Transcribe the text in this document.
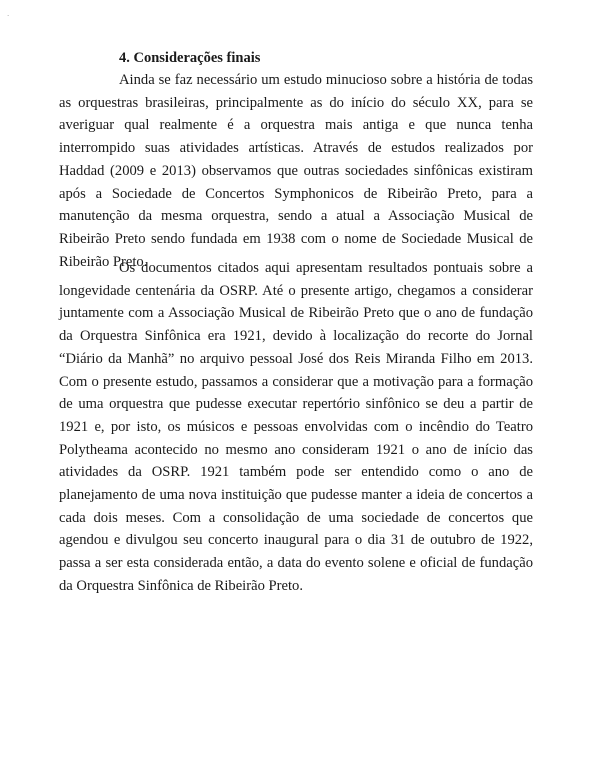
`
4. Considerações finais

Ainda se faz necessário um estudo minucioso sobre a história de todas as orquestras brasileiras, principalmente as do início do século XX, para se averiguar qual realmente é a orquestra mais antiga e que nunca tenha interrompido suas atividades artísticas. Através de estudos realizados por Haddad (2009 e 2013) observamos que outras sociedades sinfônicas existiram após a Sociedade de Concertos Symphonicos de Ribeirão Preto, para a manutenção da mesma orquestra, sendo a atual a Associação Musical de Ribeirão Preto sendo fundada em 1938 com o nome de Sociedade Musical de Ribeirão Preto.

Os documentos citados aqui apresentam resultados pontuais sobre a longevidade centenária da OSRP. Até o presente artigo, chegamos a considerar juntamente com a Associação Musical de Ribeirão Preto que o ano de fundação da Orquestra Sinfônica era 1921, devido à localização do recorte do Jornal “Diário da Manhã” no arquivo pessoal José dos Reis Miranda Filho em 2013. Com o presente estudo, passamos a considerar que a motivação para a formação de uma orquestra que pudesse executar repertório sinfônico se deu a partir de 1921 e, por isto, os músicos e pessoas envolvidas com o incêndio do Teatro Polytheama acontecido no mesmo ano consideram 1921 o ano de início das atividades da OSRP. 1921 também pode ser entendido como o ano de planejamento de uma nova instituição que pudesse manter a ideia de concertos a cada dois meses. Com a consolidação de uma sociedade de concertos que agendou e divulgou seu concerto inaugural para o dia 31 de outubro de 1922, passa a ser esta considerada então, a data do evento solene e oficial de fundação da Orquestra Sinfônica de Ribeirão Preto.
